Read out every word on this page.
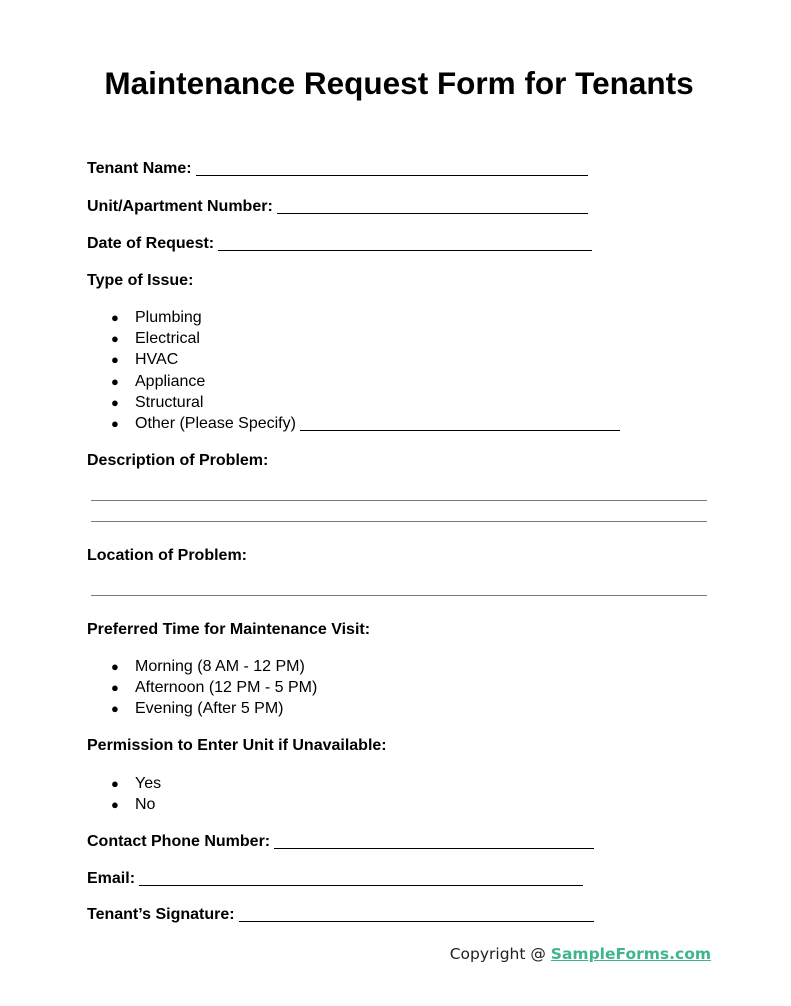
Maintenance Request Form for Tenants
Tenant Name:
Unit/Apartment Number:
Date of Request:
Type of Issue:
● Plumbing
● Electrical
● HVAC
● Appliance
● Structural
● Other (Please Specify)
Description of Problem:
Location of Problem:
Preferred Time for Maintenance Visit:
● Morning (8 AM - 12 PM)
● Afternoon (12 PM - 5 PM)
● Evening (After 5 PM)
Permission to Enter Unit if Unavailable:
● Yes
● No
Contact Phone Number:
Email:
Tenant’s Signature:
Copyright @ SampleForms.com
